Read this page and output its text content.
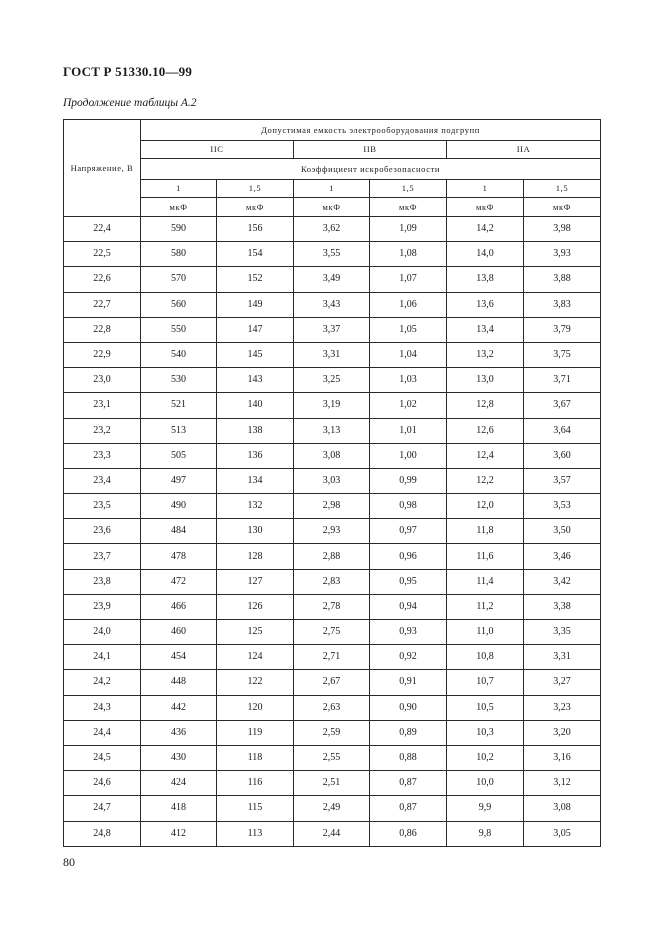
ГОСТ Р 51330.10—99
Продолжение таблицы А.2
Напряжение, В	Допустимая емкость электрооборудования подгрупп					
	IIC		IIB		IIA	
	Коэффициент искробезопасности					
	1	1,5	1	1,5	1	1,5
	мкФ	мкФ	мкФ	мкФ	мкФ	мкФ
22,4	590	156	3,62	1,09	14,2	3,98
22,5	580	154	3,55	1,08	14,0	3,93
22,6	570	152	3,49	1,07	13,8	3,88
22,7	560	149	3,43	1,06	13,6	3,83
22,8	550	147	3,37	1,05	13,4	3,79
22,9	540	145	3,31	1,04	13,2	3,75
23,0	530	143	3,25	1,03	13,0	3,71
23,1	521	140	3,19	1,02	12,8	3,67
23,2	513	138	3,13	1,01	12,6	3,64
23,3	505	136	3,08	1,00	12,4	3,60
23,4	497	134	3,03	0,99	12,2	3,57
23,5	490	132	2,98	0,98	12,0	3,53
23,6	484	130	2,93	0,97	11,8	3,50
23,7	478	128	2,88	0,96	11,6	3,46
23,8	472	127	2,83	0,95	11,4	3,42
23,9	466	126	2,78	0,94	11,2	3,38
24,0	460	125	2,75	0,93	11,0	3,35
24,1	454	124	2,71	0,92	10,8	3,31
24,2	448	122	2,67	0,91	10,7	3,27
24,3	442	120	2,63	0,90	10,5	3,23
24,4	436	119	2,59	0,89	10,3	3,20
24,5	430	118	2,55	0,88	10,2	3,16
24,6	424	116	2,51	0,87	10,0	3,12
24,7	418	115	2,49	0,87	9,9	3,08
24,8	412	113	2,44	0,86	9,8	3,05
80
